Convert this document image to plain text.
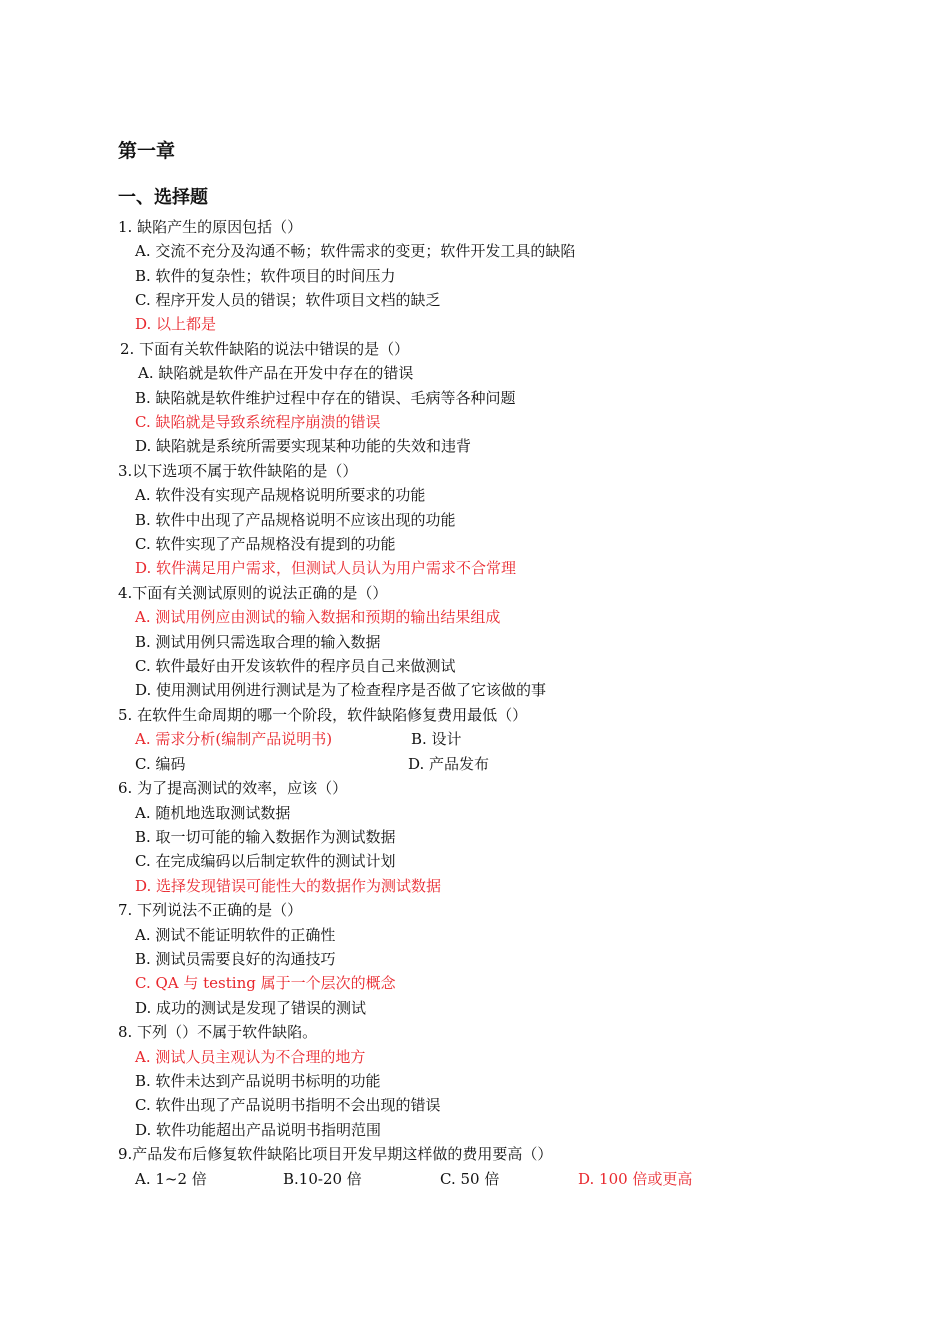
第一章
一、选择题
1. 缺陷产生的原因包括（）
A. 交流不充分及沟通不畅；软件需求的变更；软件开发工具的缺陷
B. 软件的复杂性；软件项目的时间压力
C. 程序开发人员的错误；软件项目文档的缺乏
D. 以上都是
2. 下面有关软件缺陷的说法中错误的是（）
A. 缺陷就是软件产品在开发中存在的错误
B. 缺陷就是软件维护过程中存在的错误、毛病等各种问题
C. 缺陷就是导致系统程序崩溃的错误
D. 缺陷就是系统所需要实现某种功能的失效和违背
3.以下选项不属于软件缺陷的是（）
A. 软件没有实现产品规格说明所要求的功能
B. 软件中出现了产品规格说明不应该出现的功能
C. 软件实现了产品规格没有提到的功能
D. 软件满足用户需求，但测试人员认为用户需求不合常理
4.下面有关测试原则的说法正确的是（）
A. 测试用例应由测试的输入数据和预期的输出结果组成
B. 测试用例只需选取合理的输入数据
C. 软件最好由开发该软件的程序员自己来做测试
D. 使用测试用例进行测试是为了检查程序是否做了它该做的事
5. 在软件生命周期的哪一个阶段，软件缺陷修复费用最低（）
A. 需求分析(编制产品说明书)	B. 设计
C. 编码	D. 产品发布
6. 为了提高测试的效率，应该（）
A. 随机地选取测试数据
B. 取一切可能的输入数据作为测试数据
C. 在完成编码以后制定软件的测试计划
D. 选择发现错误可能性大的数据作为测试数据
7. 下列说法不正确的是（）
A. 测试不能证明软件的正确性
B. 测试员需要良好的沟通技巧
C. QA 与 testing 属于一个层次的概念
D. 成功的测试是发现了错误的测试
8. 下列（）不属于软件缺陷。
A. 测试人员主观认为不合理的地方
B. 软件未达到产品说明书标明的功能
C. 软件出现了产品说明书指明不会出现的错误
D. 软件功能超出产品说明书指明范围
9.产品发布后修复软件缺陷比项目开发早期这样做的费用要高（）
A. 1~2 倍	B.10-20 倍	C. 50 倍	D. 100 倍或更高
